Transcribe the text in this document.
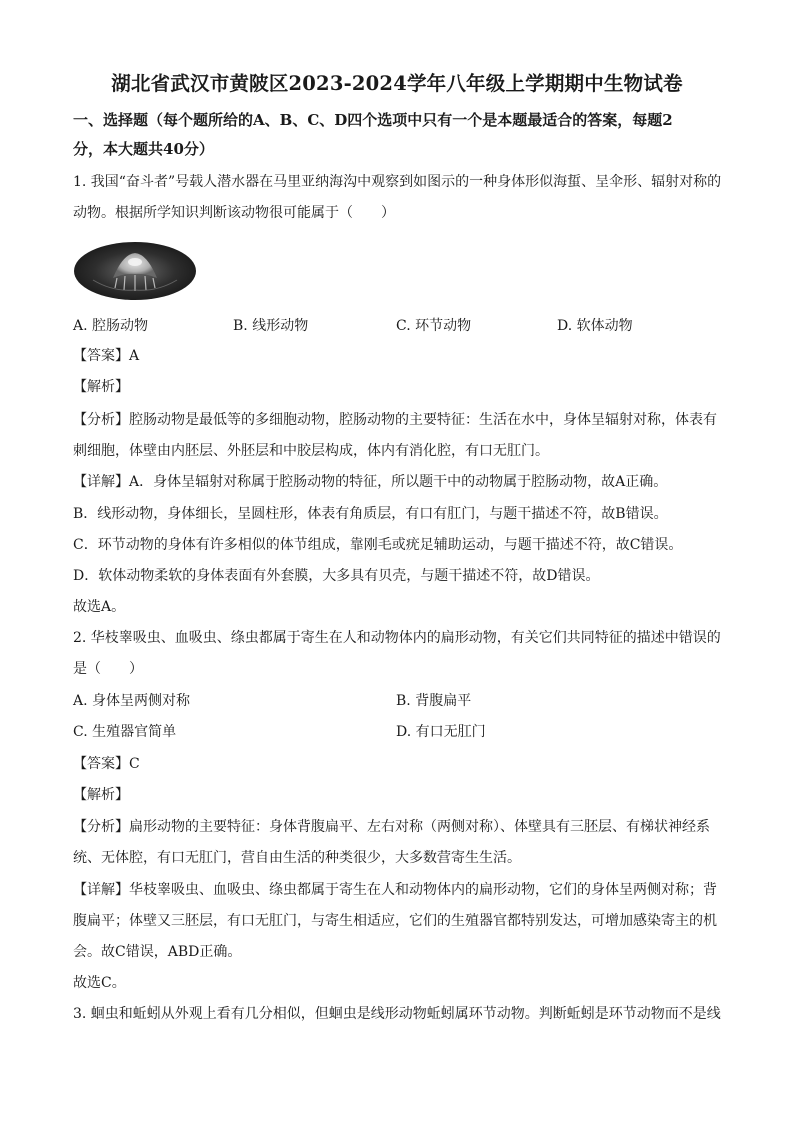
湖北省武汉市黄陂区2023-2024学年八年级上学期期中生物试卷
一、选择题（每个题所给的A、B、C、D四个选项中只有一个是本题最适合的答案，每题2
分，本大题共40分）
1. 我国“奋斗者”号载人潜水器在马里亚纳海沟中观察到如图示的一种身体形似海蜇、呈伞形、辐射对称的
动物。根据所学知识判断该动物很可能属于（　　）
A. 腔肠动物	B. 线形动物	C. 环节动物	D. 软体动物
【答案】A
【解析】
【分析】腔肠动物是最低等的多细胞动物，腔肠动物的主要特征：生活在水中，身体呈辐射对称，体表有
刺细胞，体壁由内胚层、外胚层和中胶层构成，体内有消化腔，有口无肛门。
【详解】A．身体呈辐射对称属于腔肠动物的特征，所以题干中的动物属于腔肠动物，故A正确。
B．线形动物，身体细长，呈圆柱形，体表有角质层，有口有肛门，与题干描述不符，故B错误。
C．环节动物的身体有许多相似的体节组成，靠刚毛或疣足辅助运动，与题干描述不符，故C错误。
D．软体动物柔软的身体表面有外套膜，大多具有贝壳，与题干描述不符，故D错误。
故选A。
2. 华枝睾吸虫、血吸虫、绦虫都属于寄生在人和动物体内的扁形动物，有关它们共同特征的描述中错误的
是（　　）
A. 身体呈两侧对称	B. 背腹扁平
C. 生殖器官简单	D. 有口无肛门
【答案】C
【解析】
【分析】扁形动物的主要特征：身体背腹扁平、左右对称（两侧对称）、体壁具有三胚层、有梯状神经系
统、无体腔，有口无肛门，营自由生活的种类很少，大多数营寄生生活。
【详解】华枝睾吸虫、血吸虫、绦虫都属于寄生在人和动物体内的扁形动物，它们的身体呈两侧对称；背
腹扁平；体壁又三胚层，有口无肛门，与寄生相适应，它们的生殖器官都特别发达，可增加感染寄主的机
会。故C错误，ABD正确。
故选C。
3. 蛔虫和蚯蚓从外观上看有几分相似，但蛔虫是线形动物蚯蚓属环节动物。判断蚯蚓是环节动物而不是线
